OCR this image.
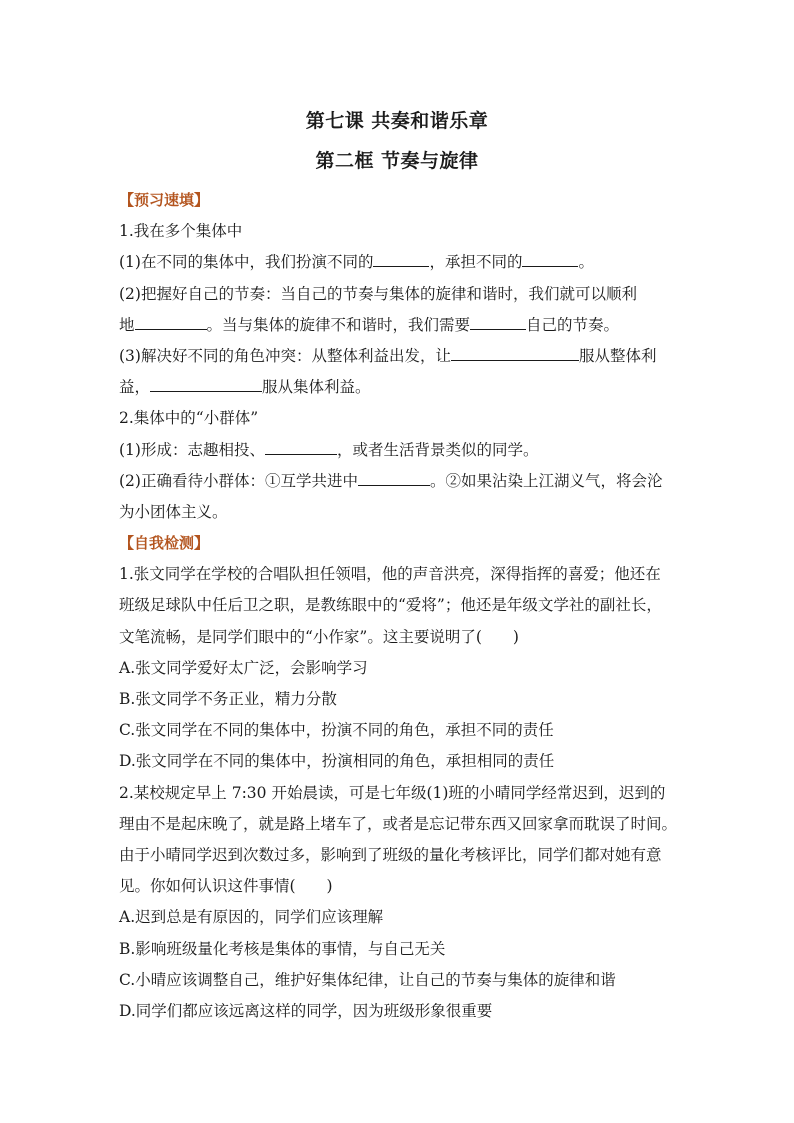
第七课 共奏和谐乐章
第二框 节奏与旋律
【预习速填】
1.我在多个集体中
(1)在不同的集体中，我们扮演不同的	，承担不同的	。
(2)把握好自己的节奏：当自己的节奏与集体的旋律和谐时，我们就可以顺利
地	。当与集体的旋律不和谐时，我们需要	自己的节奏。
(3)解决好不同的角色冲突：从整体利益出发，让	服从整体利
益，	服从集体利益。
2.集体中的“小群体”
(1)形成：志趣相投、	，或者生活背景类似的同学。
(2)正确看待小群体：①互学共进中	。②如果沾染上江湖义气，将会沦
为小团体主义。
【自我检测】
1.张文同学在学校的合唱队担任领唱，他的声音洪亮，深得指挥的喜爱；他还在
班级足球队中任后卫之职，是教练眼中的“爱将”；他还是年级文学社的副社长，
文笔流畅，是同学们眼中的“小作家”。这主要说明了(　　)
A.张文同学爱好太广泛，会影响学习
B.张文同学不务正业，精力分散
C.张文同学在不同的集体中，扮演不同的角色，承担不同的责任
D.张文同学在不同的集体中，扮演相同的角色，承担相同的责任
2.某校规定早上 7:30 开始晨读，可是七年级(1)班的小晴同学经常迟到，迟到的
理由不是起床晚了，就是路上堵车了，或者是忘记带东西又回家拿而耽误了时间。
由于小晴同学迟到次数过多，影响到了班级的量化考核评比，同学们都对她有意
见。你如何认识这件事情(　　)
A.迟到总是有原因的，同学们应该理解
B.影响班级量化考核是集体的事情，与自己无关
C.小晴应该调整自己，维护好集体纪律，让自己的节奏与集体的旋律和谐
D.同学们都应该远离这样的同学，因为班级形象很重要
